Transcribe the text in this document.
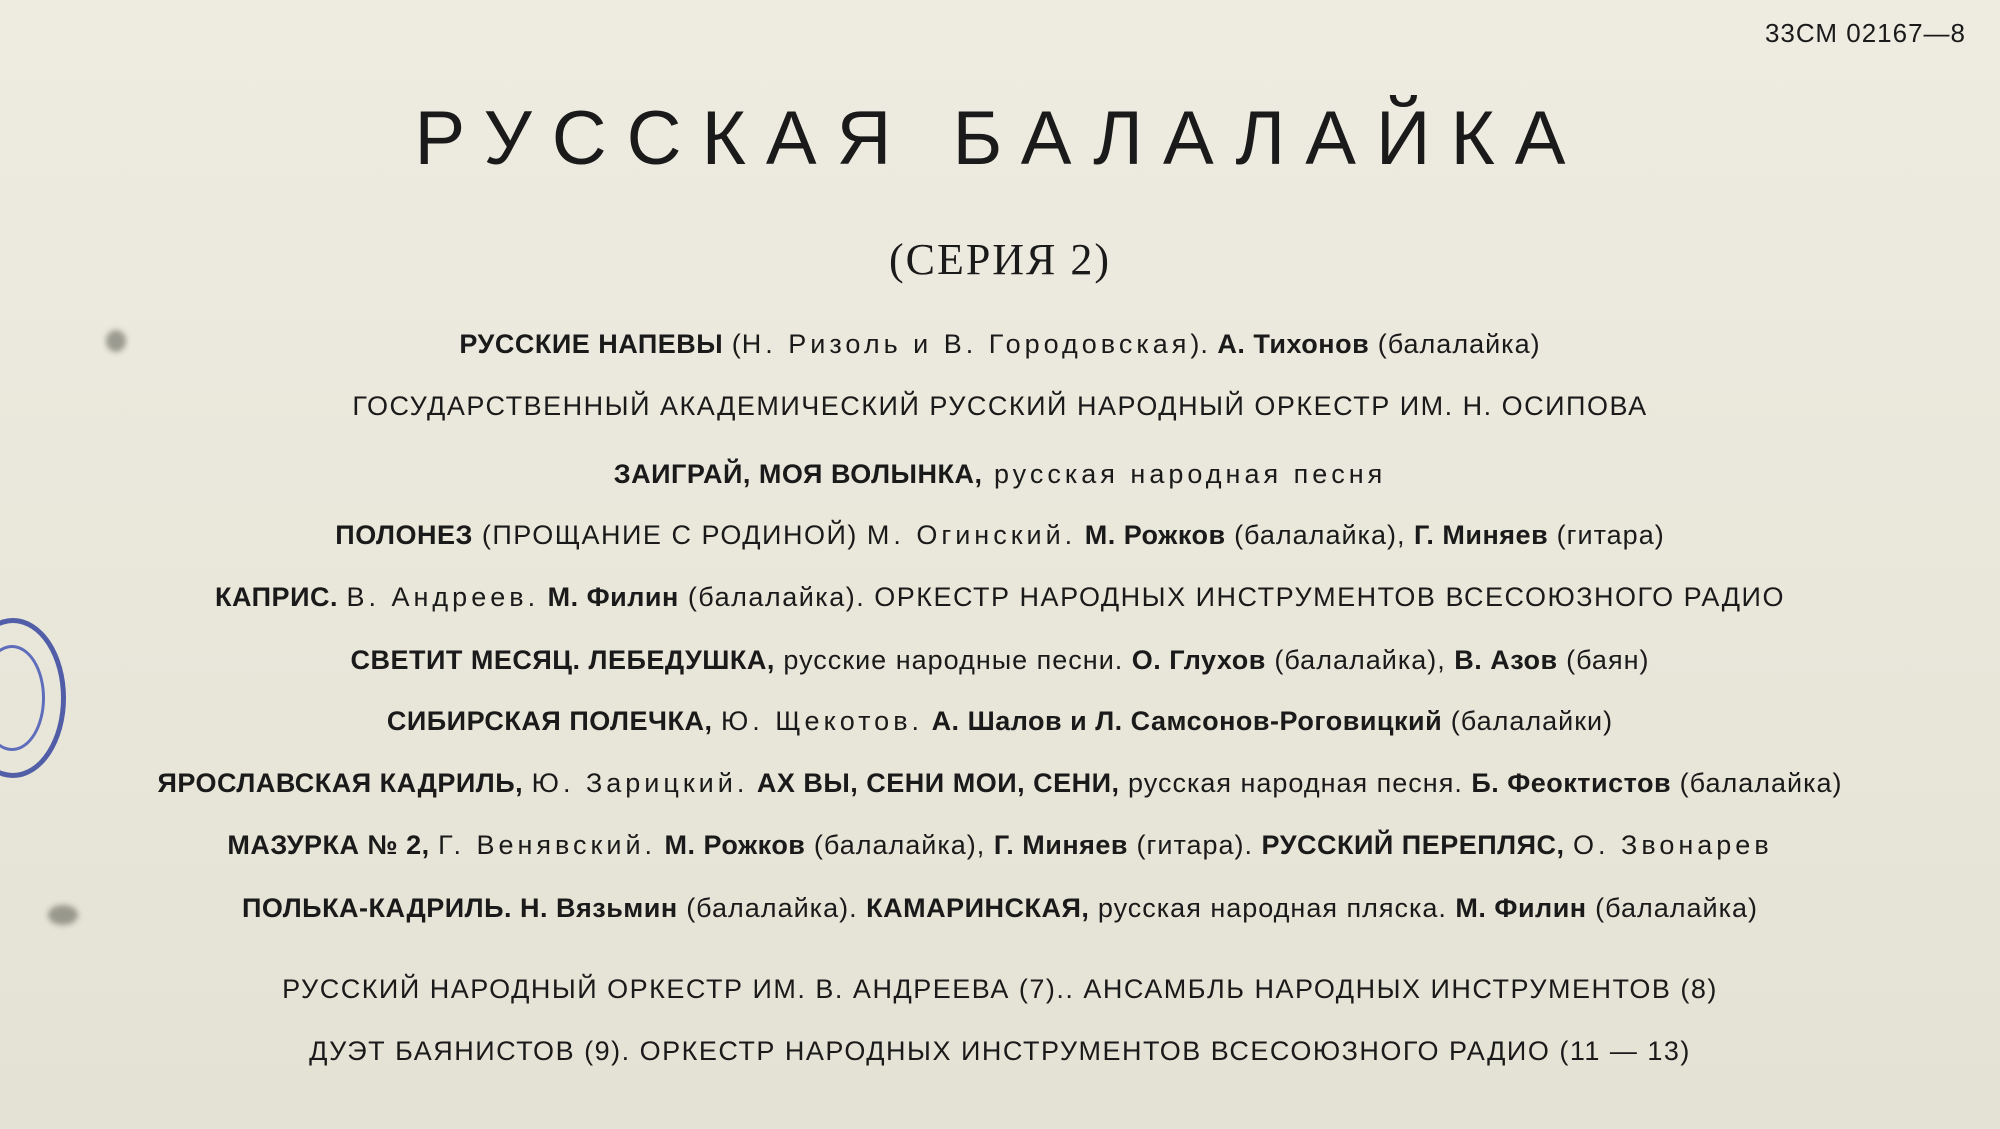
33СМ 02167—8
РУССКАЯ БАЛАЛАЙКА
(СЕРИЯ 2)
РУССКИЕ НАПЕВЫ (Н. Ризоль и В. Городовская). А. Тихонов (балалайка)
ГОСУДАРСТВЕННЫЙ АКАДЕМИЧЕСКИЙ РУССКИЙ НАРОДНЫЙ ОРКЕСТР ИМ. Н. ОСИПОВА
ЗАИГРАЙ, МОЯ ВОЛЫНКА, русская народная песня
ПОЛОНЕЗ (ПРОЩАНИЕ С РОДИНОЙ) М. Огинский. М. Рожков (балалайка), Г. Миняев (гитара)
КАПРИС. В. Андреев. М. Филин (балалайка). ОРКЕСТР НАРОДНЫХ ИНСТРУМЕНТОВ ВСЕСОЮЗНОГО РАДИО
СВЕТИТ МЕСЯЦ. ЛЕБЕДУШКА, русские народные песни. О. Глухов (балалайка), В. Азов (баян)
СИБИРСКАЯ ПОЛЕЧКА, Ю. Щекотов. А. Шалов и Л. Самсонов-Роговицкий (балалайки)
ЯРОСЛАВСКАЯ КАДРИЛЬ, Ю. Зарицкий. АХ ВЫ, СЕНИ МОИ, СЕНИ, русская народная песня. Б. Феоктистов (балалайка)
МАЗУРКА № 2, Г. Венявский. М. Рожков (балалайка), Г. Миняев (гитара). РУССКИЙ ПЕРЕПЛЯС, О. Звонарев
ПОЛЬКА-КАДРИЛЬ. Н. Вязьмин (балалайка). КАМАРИНСКАЯ, русская народная пляска. М. Филин (балалайка)
РУССКИЙ НАРОДНЫЙ ОРКЕСТР ИМ. В. АНДРЕЕВА (7).. АНСАМБЛЬ НАРОДНЫХ ИНСТРУМЕНТОВ (8)
ДУЭТ БАЯНИСТОВ (9). ОРКЕСТР НАРОДНЫХ ИНСТРУМЕНТОВ ВСЕСОЮЗНОГО РАДИО (11 — 13)
